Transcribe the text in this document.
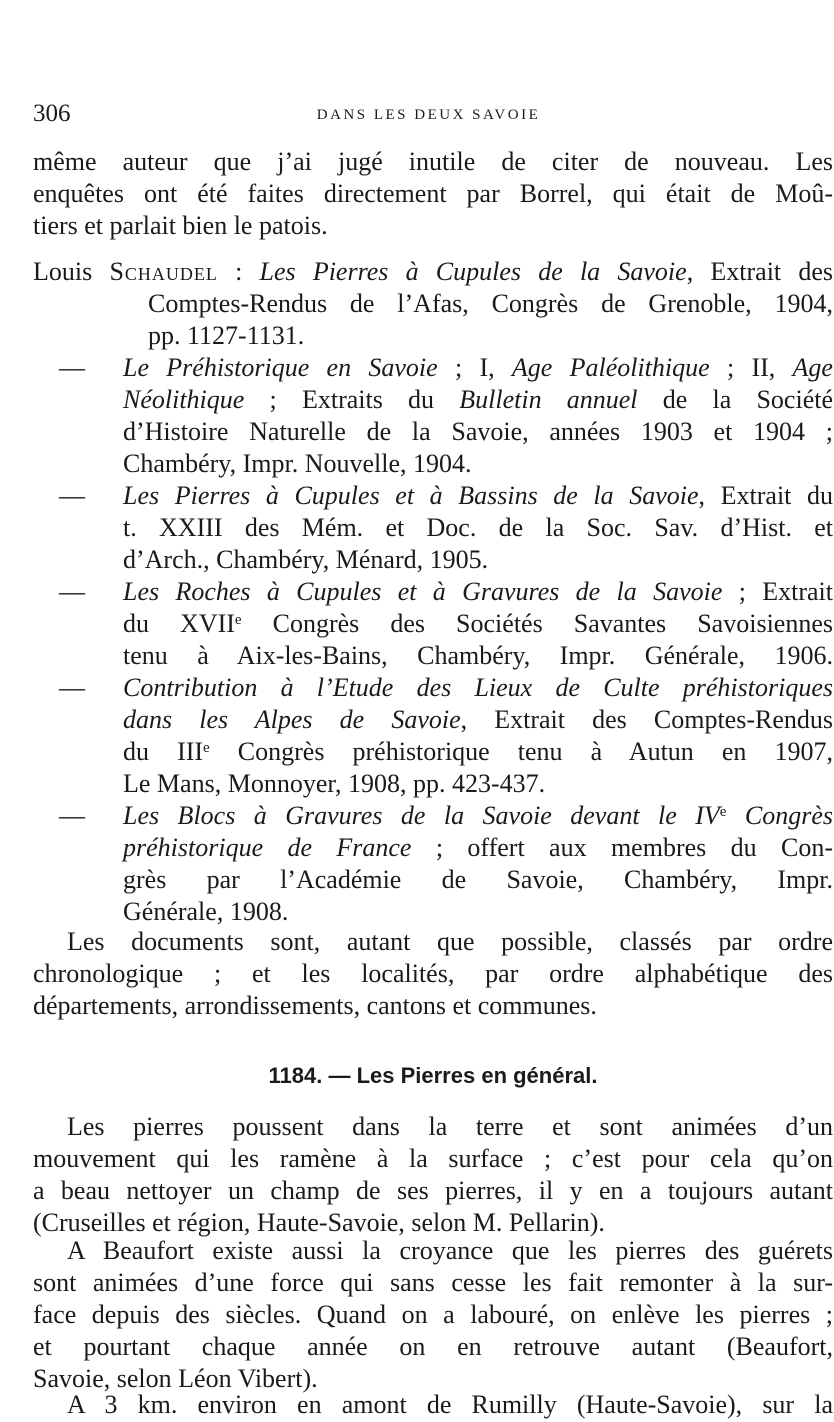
306	DANS LES DEUX SAVOIE
même auteur que j’ai jugé inutile de citer de nouveau. Les
enquêtes ont été faites directement par Borrel, qui était de Moû-
tiers et parlait bien le patois.
Louis Schaudel : Les Pierres à Cupules de la Savoie, Extrait des
Comptes-Rendus de l’Afas, Congrès de Grenoble, 1904,
pp. 1127-1131.
— Le Préhistorique en Savoie ; I, Age Paléolithique ; II, Age
Néolithique ; Extraits du Bulletin annuel de la Société
d’Histoire Naturelle de la Savoie, années 1903 et 1904 ;
Chambéry, Impr. Nouvelle, 1904.
— Les Pierres à Cupules et à Bassins de la Savoie, Extrait du
t. XXIII des Mém. et Doc. de la Soc. Sav. d’Hist. et
d’Arch., Chambéry, Ménard, 1905.
— Les Roches à Cupules et à Gravures de la Savoie ; Extrait
du XVIIe Congrès des Sociétés Savantes Savoisiennes
tenu à Aix-les-Bains, Chambéry, Impr. Générale, 1906.
— Contribution à l’Etude des Lieux de Culte préhistoriques
dans les Alpes de Savoie, Extrait des Comptes-Rendus
du IIIe Congrès préhistorique tenu à Autun en 1907,
Le Mans, Monnoyer, 1908, pp. 423-437.
— Les Blocs à Gravures de la Savoie devant le IVe Congrès
préhistorique de France ; offert aux membres du Con-
grès par l’Académie de Savoie, Chambéry, Impr.
Générale, 1908.
Les documents sont, autant que possible, classés par ordre
chronologique ; et les localités, par ordre alphabétique des
départements, arrondissements, cantons et communes.
1184. — Les Pierres en général.
Les pierres poussent dans la terre et sont animées d’un
mouvement qui les ramène à la surface ; c’est pour cela qu’on
a beau nettoyer un champ de ses pierres, il y en a toujours autant
(Cruseilles et région, Haute-Savoie, selon M. Pellarin).
A Beaufort existe aussi la croyance que les pierres des guérets
sont animées d’une force qui sans cesse les fait remonter à la sur-
face depuis des siècles. Quand on a labouré, on enlève les pierres ;
et pourtant chaque année on en retrouve autant (Beaufort,
Savoie, selon Léon Vibert).
A 3 km. environ en amont de Rumilly (Haute-Savoie), sur la
